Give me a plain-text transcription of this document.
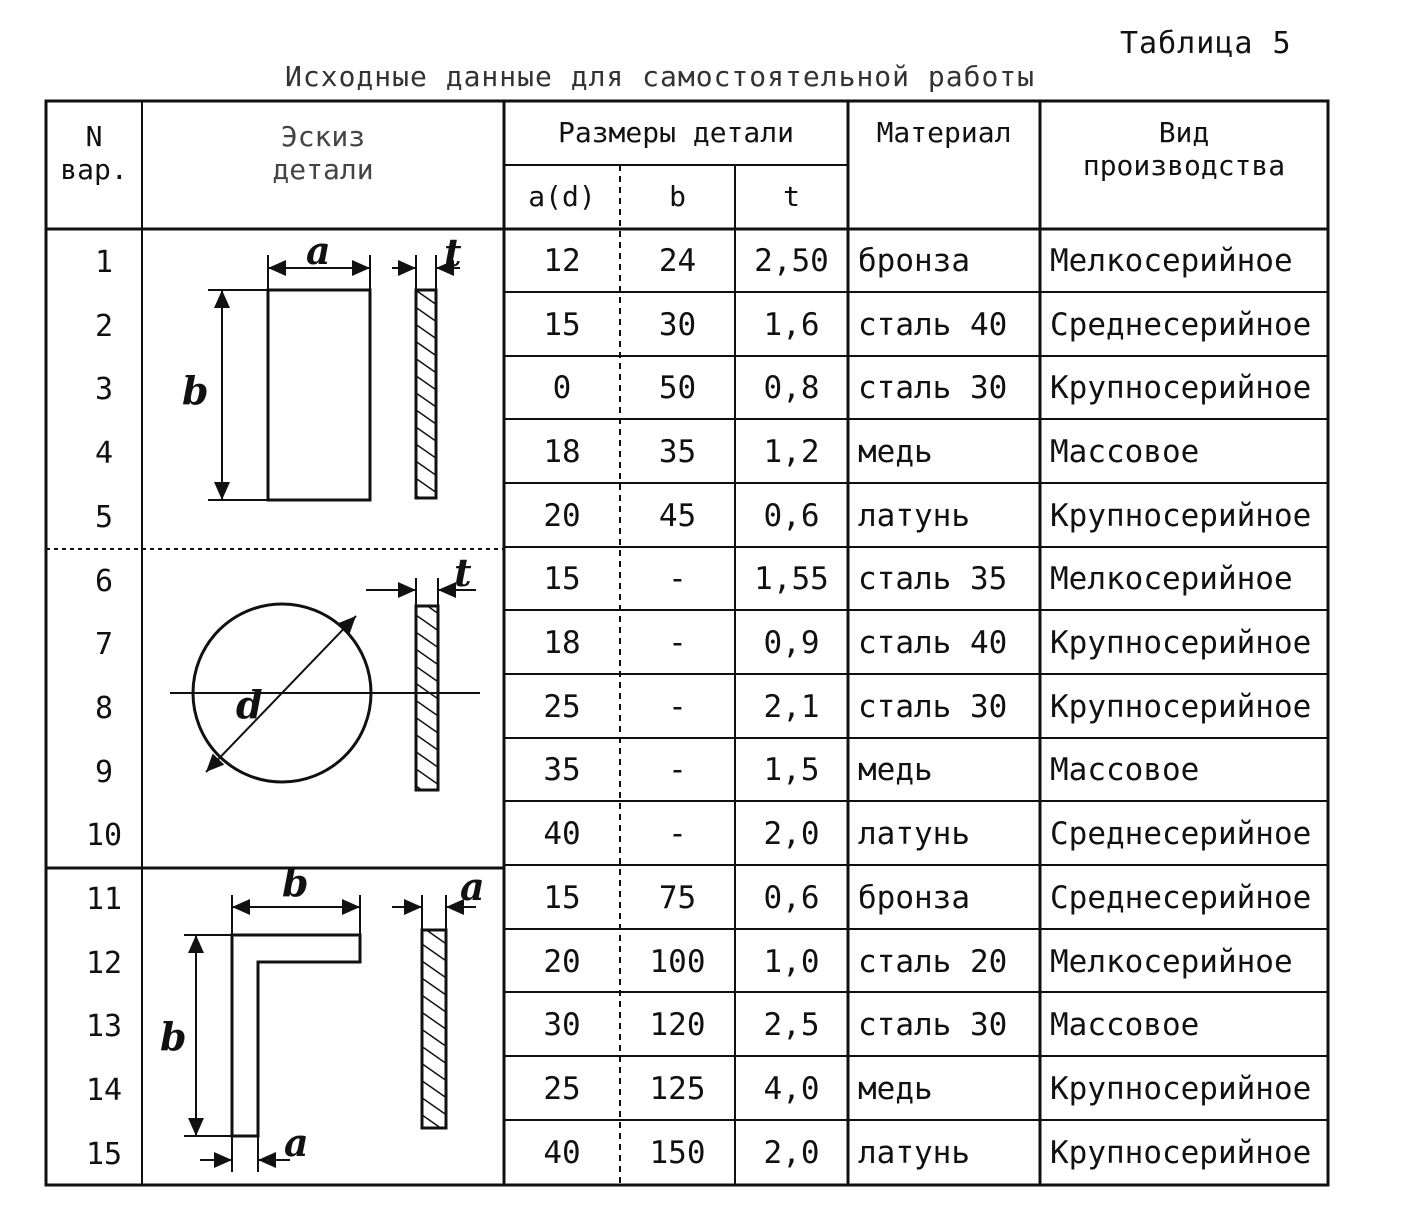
Таблица 5
Исходные данные для самостоятельной работы
a
b
t
d
t
b
b
a
a
N
вар.
Эскиз
детали
Размеры детали
a(d)	b	t
Материал	Вид
производства
1	12	24	2,50 бронза	Мелкосерийное
2	15	30	1,6	сталь 40	Среднесерийное
3	0	50	0,8	сталь 30	Крупносерийное
4	18	35	1,2	медь	Массовое
5	20	45	0,6	латунь	Крупносерийное
6	15	-	1,55 сталь 35	Мелкосерийное
7	18	-	0,9	сталь 40	Крупносерийное
8	25	-	2,1	сталь 30	Крупносерийное
9	35	-	1,5	медь	Массовое
10	40	-	2,0	латунь	Среднесерийное
11	15	75	0,6	бронза	Среднесерийное
12	20	100	1,0	сталь 20	Мелкосерийное
13	30	120	2,5	сталь 30	Массовое
14	25	125	4,0	медь	Крупносерийное
15	40	150	2,0	латунь	Крупносерийное
